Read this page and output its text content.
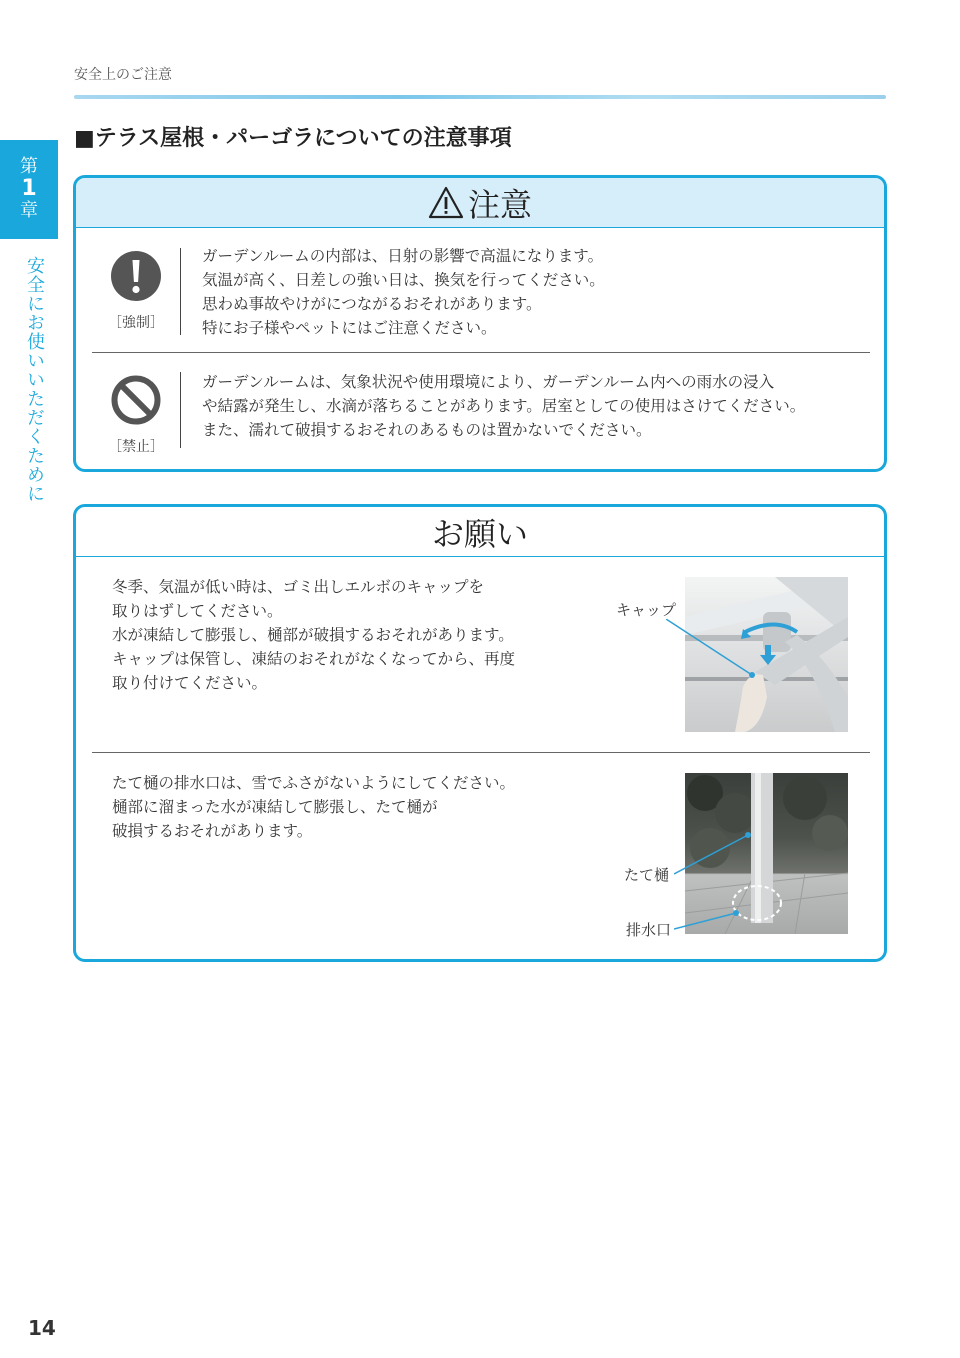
安全上のご注意
第
1
章
安全にお使いいただくために
■テラス屋根・パーゴラについての注意事項
注意
［強制］
ガーデンルームの内部は、日射の影響で高温になります。
気温が高く、日差しの強い日は、換気を行ってください。
思わぬ事故やけがにつながるおそれがあります。
特にお子様やペットにはご注意ください。
［禁止］
ガーデンルームは、気象状況や使用環境により、ガーデンルーム内への雨水の浸入
や結露が発生し、水滴が落ちることがあります。居室としての使用はさけてください。
また、濡れて破損するおそれのあるものは置かないでください。
お願い
冬季、気温が低い時は、ゴミ出しエルボのキャップを
取りはずしてください。
水が凍結して膨張し、樋部が破損するおそれがあります。
キャップは保管し、凍結のおそれがなくなってから、再度
取り付けてください。
キャップ
たて樋の排水口は、雪でふさがないようにしてください。
樋部に溜まった水が凍結して膨張し、たて樋が
破損するおそれがあります。
たて樋
排水口
14
